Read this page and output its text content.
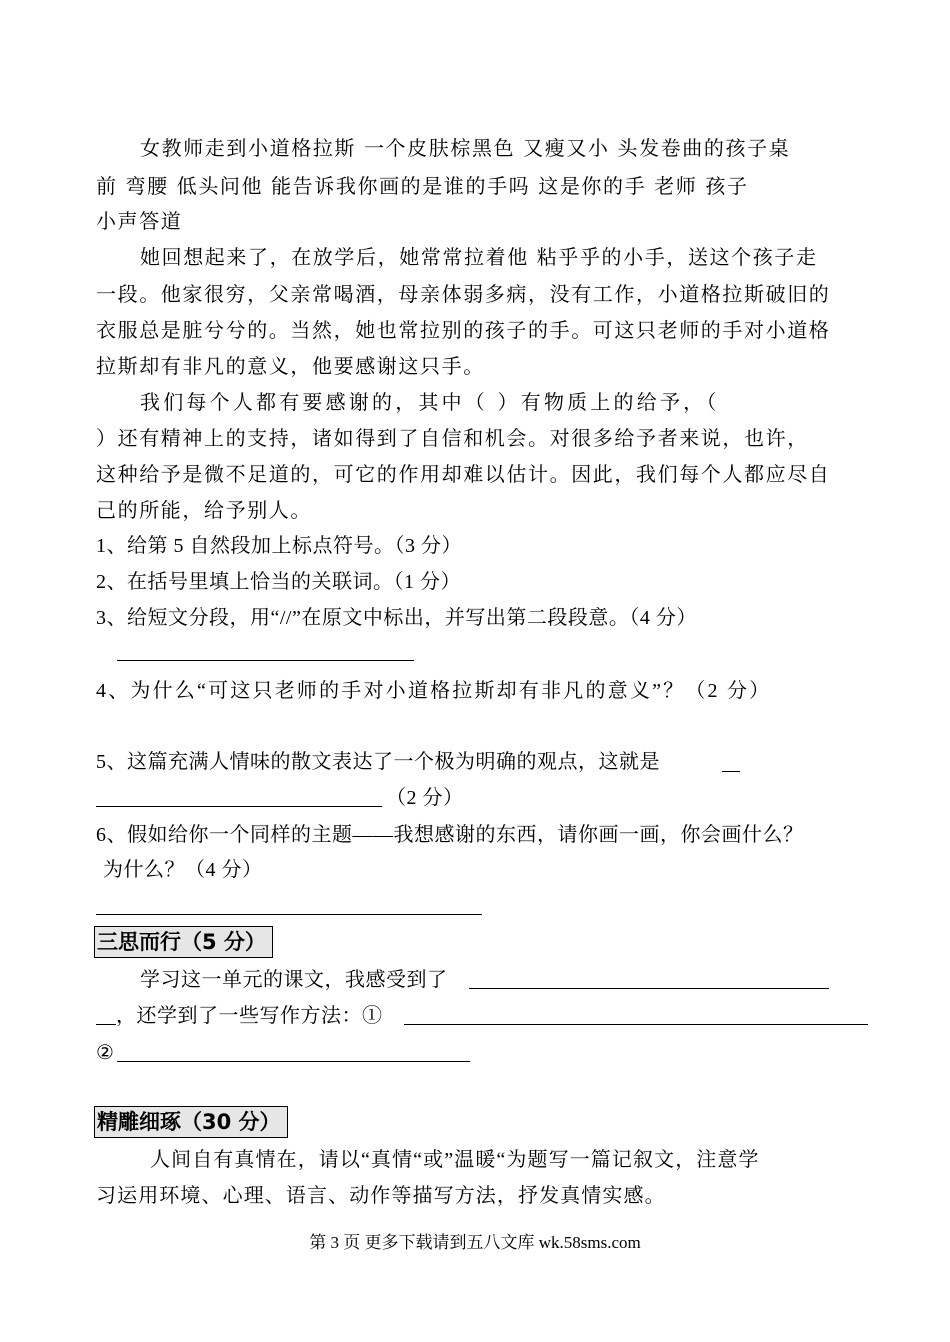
女教师走到小道格拉斯 一个皮肤棕黑色 又瘦又小 头发卷曲的孩子桌
前 弯腰 低头问他 能告诉我你画的是谁的手吗 这是你的手 老师 孩子
小声答道
她回想起来了，在放学后，她常常拉着他 粘乎乎的小手，送这个孩子走
一段。他家很穷，父亲常喝酒，母亲体弱多病，没有工作，小道格拉斯破旧的
衣服总是脏兮兮的。当然，她也常拉别的孩子的手。可这只老师的手对小道格
拉斯却有非凡的意义，他要感谢这只手。
我们每个人都有要感谢的，其中（ ）有物质上的给予，（
）还有精神上的支持，诸如得到了自信和机会。对很多给予者来说，也许，
这种给予是微不足道的，可它的作用却难以估计。因此，我们每个人都应尽自
己的所能，给予别人。
1、给第 5 自然段加上标点符号。（3 分）
2、在括号里填上恰当的关联词。（1 分）
3、给短文分段，用“//”在原文中标出，并写出第二段段意。（4 分）
4、为什么“可这只老师的手对小道格拉斯却有非凡的意义”？（2 分）
5、这篇充满人情味的散文表达了一个极为明确的观点，这就是
（2 分）
6、假如给你一个同样的主题——我想感谢的东西，请你画一画，你会画什么？
为什么？（4 分）
三思而行（5 分）
学习这一单元的课文，我感受到了
，还学到了一些写作方法：①
②
精雕细琢（30 分）
人间自有真情在，请以“真情“或”温暖“为题写一篇记叙文，注意学
习运用环境、心理、语言、动作等描写方法，抒发真情实感。
第 3 页 更多下载请到五八文库 wk.58sms.com
